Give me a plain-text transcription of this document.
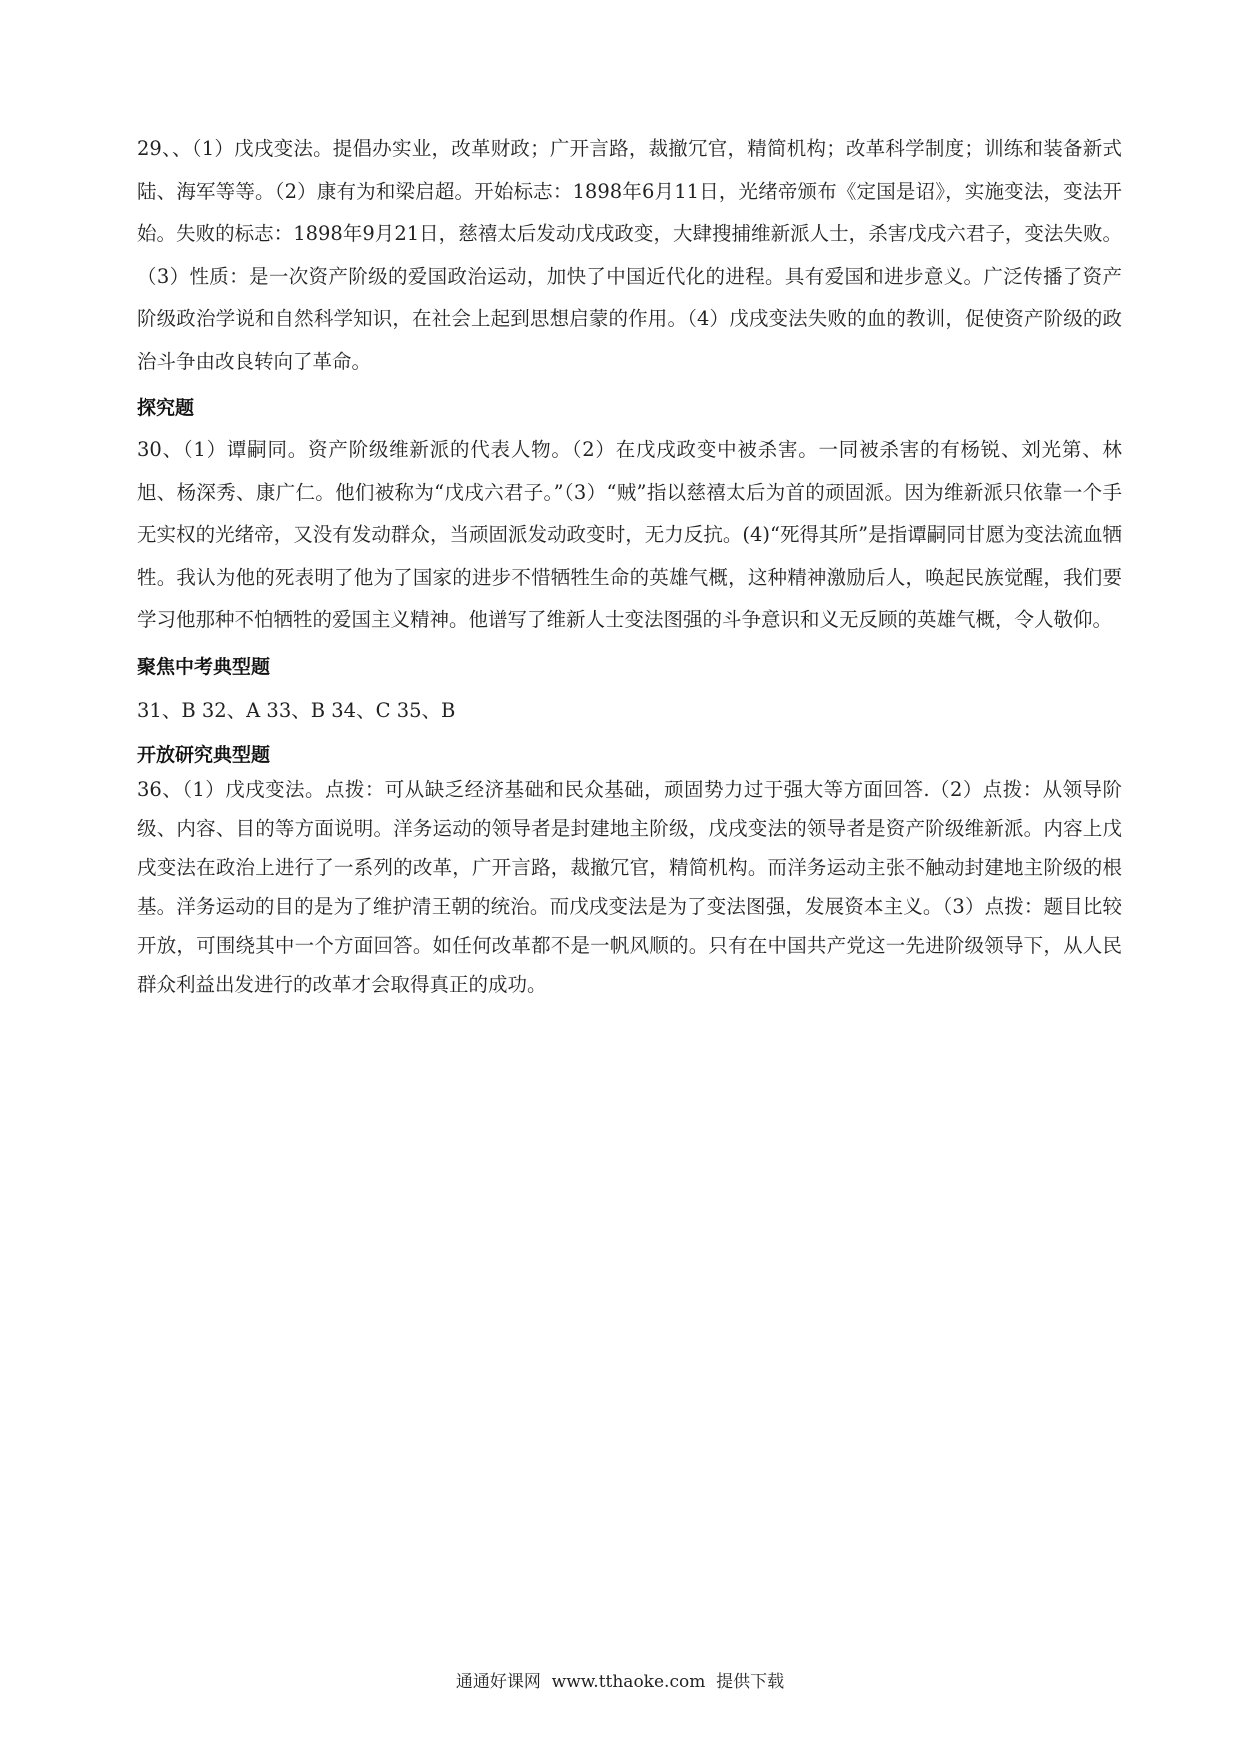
29、、（1）戊戌变法。提倡办实业，改革财政；广开言路，裁撤冗官，精简机构；改革科学制度；训练和装备新式陆、海军等等。（2）康有为和梁启超。开始标志：1898年6月11日，光绪帝颁布《定国是诏》，实施变法，变法开始。失败的标志：1898年9月21日，慈禧太后发动戊戌政变，大肆搜捕维新派人士，杀害戊戌六君子，变法失败。（3）性质：是一次资产阶级的爱国政治运动，加快了中国近代化的进程。具有爱国和进步意义。广泛传播了资产阶级政治学说和自然科学知识，在社会上起到思想启蒙的作用。（4）戊戌变法失败的血的教训，促使资产阶级的政治斗争由改良转向了革命。

探究题

30、（1）谭嗣同。资产阶级维新派的代表人物。（2）在戊戌政变中被杀害。一同被杀害的有杨锐、刘光第、林旭、杨深秀、康广仁。他们被称为“戊戌六君子。”（3）“贼”指以慈禧太后为首的顽固派。因为维新派只依靠一个手无实权的光绪帝，又没有发动群众，当顽固派发动政变时，无力反抗。(4)“死得其所”是指谭嗣同甘愿为变法流血牺牲。我认为他的死表明了他为了国家的进步不惜牺牲生命的英雄气概，这种精神激励后人，唤起民族觉醒，我们要学习他那种不怕牺牲的爱国主义精神。他谱写了维新人士变法图强的斗争意识和义无反顾的英雄气概，令人敬仰。

聚焦中考典型题

31、B 32、A 33、B 34、C 35、B

开放研究典型题

36、（1）戊戌变法。点拨：可从缺乏经济基础和民众基础，顽固势力过于强大等方面回答.（2）点拨：从领导阶级、内容、目的等方面说明。洋务运动的领导者是封建地主阶级，戊戌变法的领导者是资产阶级维新派。内容上戊戌变法在政治上进行了一系列的改革，广开言路，裁撤冗官，精简机构。而洋务运动主张不触动封建地主阶级的根基。洋务运动的目的是为了维护清王朝的统治。而戊戌变法是为了变法图强，发展资本主义。（3）点拨：题目比较开放，可围绕其中一个方面回答。如任何改革都不是一帆风顺的。只有在中国共产党这一先进阶级领导下，从人民群众利益出发进行的改革才会取得真正的成功。

通通好课网 www.tthaoke.com 提供下载
